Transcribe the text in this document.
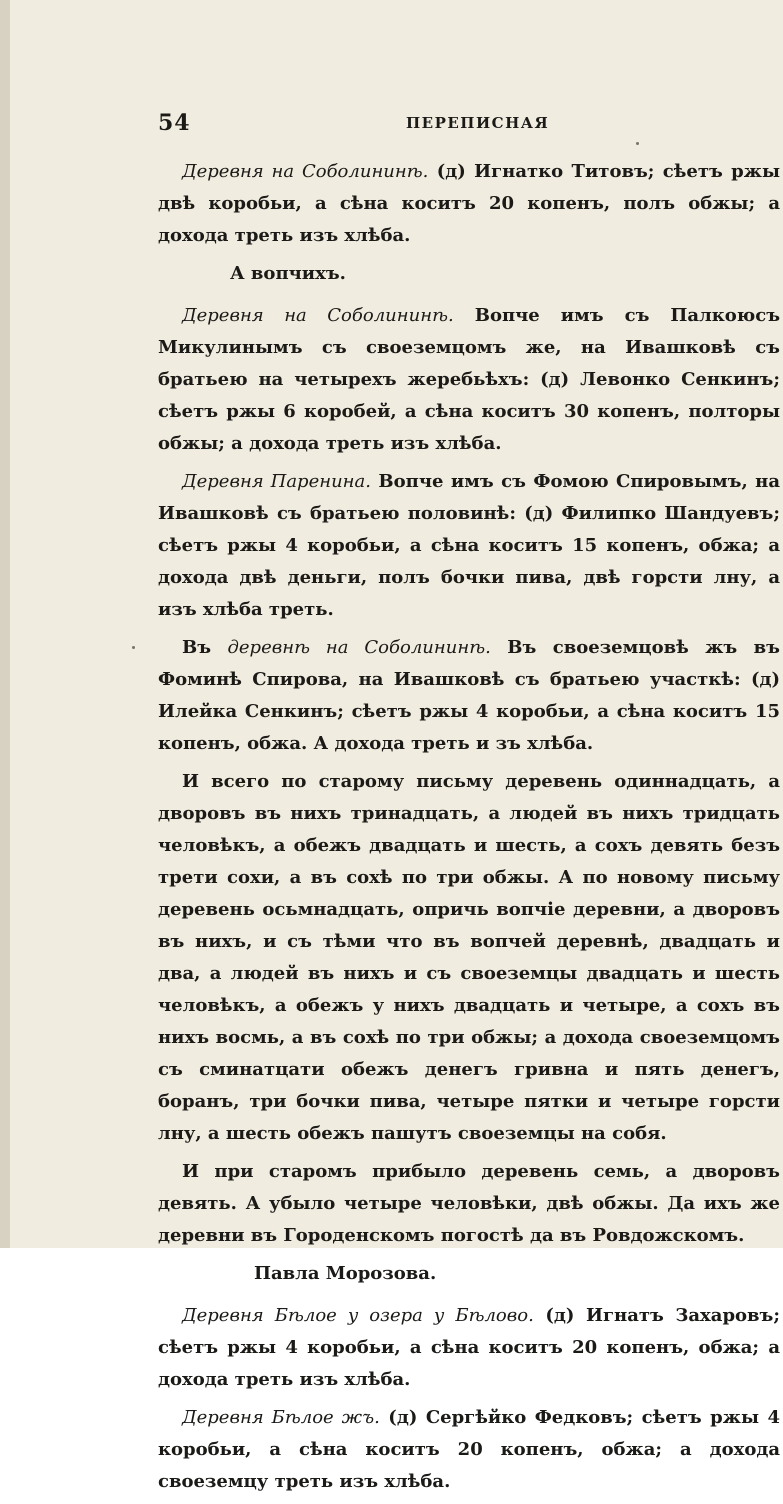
54	ПЕРЕПИСНАЯ

Деревня на Соболининѣ. (д) Игнатко Титовъ; сѣетъ ржы двѣ коробьи, а сѣна коситъ 20 копенъ, полъ обжы; а дохода треть изъ хлѣба.

А вопчихъ.

Деревня на Соболининѣ. Вопче имъ съ Палкоюсъ Микулинымъ съ своеземцомъ же, на Ивашковѣ съ братьею на четырехъ жеребьѣхъ: (д) Левонко Сенкинъ; сѣетъ ржы 6 коробей, а сѣна коситъ 30 копенъ, полторы обжы; а дохода треть изъ хлѣба.

Деревня Паренина. Вопче имъ съ Фомою Спировымъ, на Ивашковѣ съ братьею половинѣ: (д) Филипко Шандуевъ; сѣетъ ржы 4 коробьи, а сѣна коситъ 15 копенъ, обжа; а дохода двѣ деньги, полъ бочки пива, двѣ горсти лну, а изъ хлѣба треть.

Въ деревнѣ на Соболининѣ. Въ своеземцовѣ жъ въ Фоминѣ Спирова, на Ивашковѣ съ братьею участкѣ: (д) Илейка Сенкинъ; сѣетъ ржы 4 коробьи, а сѣна коситъ 15 копенъ, обжа. А дохода треть и зъ хлѣба.

И всего по старому письму деревень одиннадцать, а дворовъ въ нихъ тринадцать, а людей въ нихъ тридцать человѣкъ, а обежъ двадцать и шесть, а сохъ девять безъ трети сохи, а въ сохѣ по три обжы. А по новому письму деревень осьмнадцать, опричь вопчіе деревни, а дворовъ въ нихъ, и съ тѣми что въ вопчей деревнѣ, двадцать и два, а людей въ нихъ и съ своеземцы двадцать и шесть человѣкъ, а обежъ у нихъ двадцать и четыре, а сохъ въ нихъ восмь, а въ сохѣ по три обжы; а дохода своеземцомъ съ сминатцати обежъ денегъ гривна и пять денегъ, боранъ, три бочки пива, четыре пятки и четыре горсти лну, а шесть обежъ пашутъ своеземцы на собя.

И при старомъ прибыло деревень семь, а дворовъ девять. А убыло четыре человѣки, двѣ обжы. Да ихъ же деревни въ Городенскомъ погостѣ да въ Ровдожскомъ.

Павла Морозова.

Деревня Бѣлое у озера у Бѣлово. (д) Игнатъ Захаровъ; сѣетъ ржы 4 коробьи, а сѣна коситъ 20 копенъ, обжа; а дохода треть изъ хлѣба.

Деревня Бѣлое жъ. (д) Сергѣйко Федковъ; сѣетъ ржы 4 коробьи, а сѣна коситъ 20 копенъ, обжа; а дохода своеземцу треть изъ хлѣба.
